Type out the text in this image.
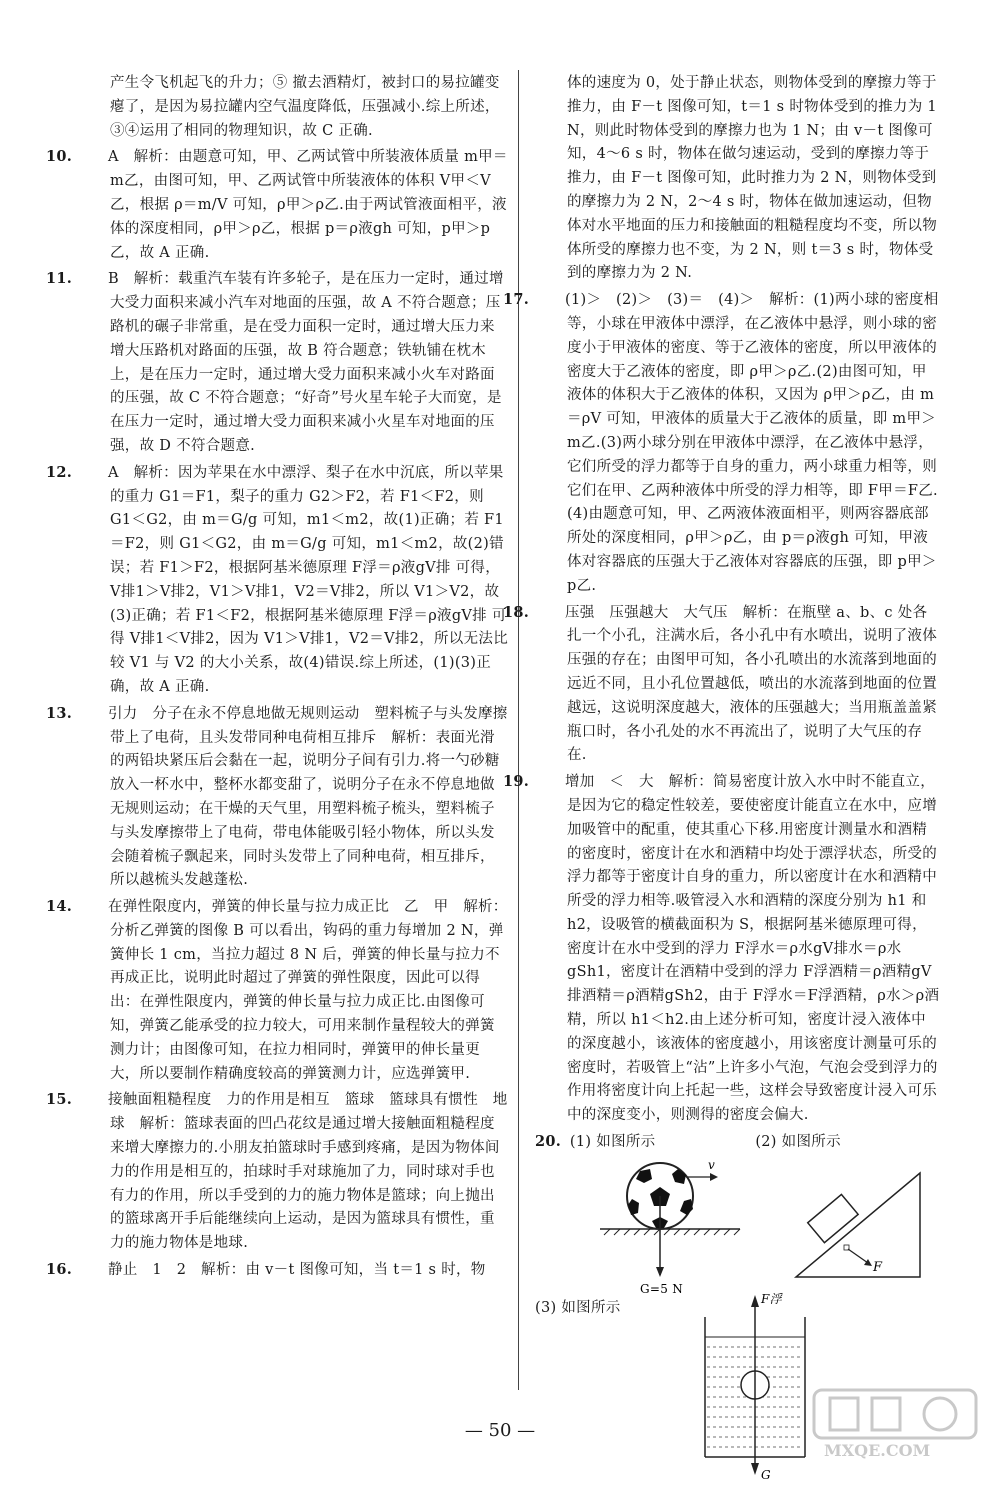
产生令飞机起飞的升力；⑤ 撤去酒精灯，被封口的易拉罐变瘪了，是因为易拉罐内空气温度降低，压强减小.综上所述，③④运用了相同的物理知识，故 C 正确.
10. A　解析：由题意可知，甲、乙两试管中所装液体质量 m甲＝m乙，由图可知，甲、乙两试管中所装液体的体积 V甲＜V乙，根据 ρ＝m/V 可知，ρ甲＞ρ乙.由于两试管液面相平，液体的深度相同，ρ甲＞ρ乙，根据 p＝ρ液gh 可知，p甲＞p乙，故 A 正确.
11. B　解析：载重汽车装有许多轮子，是在压力一定时，通过增大受力面积来减小汽车对地面的压强，故 A 不符合题意；压路机的碾子非常重，是在受力面积一定时，通过增大压力来增大压路机对路面的压强，故 B 符合题意；铁轨铺在枕木上，是在压力一定时，通过增大受力面积来减小火车对路面的压强，故 C 不符合题意；“好奇”号火星车轮子大而宽，是在压力一定时，通过增大受力面积来减小火星车对地面的压强，故 D 不符合题意.
12. A　解析：因为苹果在水中漂浮、梨子在水中沉底，所以苹果的重力 G1＝F1，梨子的重力 G2＞F2，若 F1＜F2，则 G1＜G2，由 m＝G/g 可知，m1＜m2，故(1)正确；若 F1＝F2，则 G1＜G2，由 m＝G/g 可知，m1＜m2，故(2)错误；若 F1＞F2，根据阿基米德原理 F浮＝ρ液gV排 可得，V排1＞V排2，V1＞V排1，V2＝V排2，所以 V1＞V2，故(3)正确；若 F1＜F2，根据阿基米德原理 F浮＝ρ液gV排 可得 V排1＜V排2，因为 V1＞V排1，V2＝V排2，所以无法比较 V1 与 V2 的大小关系，故(4)错误.综上所述，(1)(3)正确，故 A 正确.
13. 引力　分子在永不停息地做无规则运动　塑料梳子与头发摩擦带上了电荷，且头发带同种电荷相互排斥　解析：表面光滑的两铅块紧压后会黏在一起，说明分子间有引力.将一勺砂糖放入一杯水中，整杯水都变甜了，说明分子在永不停息地做无规则运动；在干燥的天气里，用塑料梳子梳头，塑料梳子与头发摩擦带上了电荷，带电体能吸引轻小物体，所以头发会随着梳子飘起来，同时头发带上了同种电荷，相互排斥，所以越梳头发越蓬松.
14. 在弹性限度内，弹簧的伸长量与拉力成正比　乙　甲　解析：分析乙弹簧的图像 B 可以看出，钩码的重力每增加 2 N，弹簧伸长 1 cm，当拉力超过 8 N 后，弹簧的伸长量与拉力不再成正比，说明此时超过了弹簧的弹性限度，因此可以得出：在弹性限度内，弹簧的伸长量与拉力成正比.由图像可知，弹簧乙能承受的拉力较大，可用来制作量程较大的弹簧测力计；由图像可知，在拉力相同时，弹簧甲的伸长量更大，所以要制作精确度较高的弹簧测力计，应选弹簧甲.
15. 接触面粗糙程度　力的作用是相互　篮球　篮球具有惯性　地球　解析：篮球表面的凹凸花纹是通过增大接触面粗糙程度来增大摩擦力的.小朋友拍篮球时手感到疼痛，是因为物体间力的作用是相互的，拍球时手对球施加了力，同时球对手也有力的作用，所以手受到的力的施力物体是篮球；向上抛出的篮球离开手后能继续向上运动，是因为篮球具有惯性，重力的施力物体是地球.
16. 静止　1　2　解析：由 v－t 图像可知，当 t＝1 s 时，物
体的速度为 0，处于静止状态，则物体受到的摩擦力等于推力，由 F－t 图像可知，t＝1 s 时物体受到的推力为 1 N，则此时物体受到的摩擦力也为 1 N；由 v－t 图像可知，4～6 s 时，物体在做匀速运动，受到的摩擦力等于推力，由 F－t 图像可知，此时推力为 2 N，则物体受到的摩擦力为 2 N，2～4 s 时，物体在做加速运动，但物体对水平地面的压力和接触面的粗糙程度均不变，所以物体所受的摩擦力也不变，为 2 N，则 t＝3 s 时，物体受到的摩擦力为 2 N.
17. (1)＞　(2)＞　(3)＝　(4)＞　解析：(1)两小球的密度相等，小球在甲液体中漂浮，在乙液体中悬浮，则小球的密度小于甲液体的密度、等于乙液体的密度，所以甲液体的密度大于乙液体的密度，即 ρ甲＞ρ乙.(2)由图可知，甲液体的体积大于乙液体的体积，又因为 ρ甲＞ρ乙，由 m＝ρV 可知，甲液体的质量大于乙液体的质量，即 m甲＞m乙.(3)两小球分别在甲液体中漂浮，在乙液体中悬浮，它们所受的浮力都等于自身的重力，两小球重力相等，则它们在甲、乙两种液体中所受的浮力相等，即 F甲＝F乙.(4)由题意可知，甲、乙两液体液面相平，则两容器底部所处的深度相同，ρ甲＞ρ乙，由 p＝ρ液gh 可知，甲液体对容器底的压强大于乙液体对容器底的压强，即 p甲＞p乙.
18. 压强　压强越大　大气压　解析：在瓶壁 a、b、c 处各扎一个小孔，注满水后，各小孔中有水喷出，说明了液体压强的存在；由图甲可知，各小孔喷出的水流落到地面的远近不同，且小孔位置越低，喷出的水流落到地面的位置越远，这说明深度越大，液体的压强越大；当用瓶盖盖紧瓶口时，各小孔处的水不再流出了，说明了大气压的存在.
19. 增加　＜　大　解析：简易密度计放入水中时不能直立，是因为它的稳定性较差，要使密度计能直立在水中，应增加吸管中的配重，使其重心下移.用密度计测量水和酒精的密度时，密度计在水和酒精中均处于漂浮状态，所受的浮力都等于密度计自身的重力，所以密度计在水和酒精中所受的浮力相等.吸管浸入水和酒精的深度分别为 h1 和 h2，设吸管的横截面积为 S，根据阿基米德原理可得，密度计在水中受到的浮力 F浮水＝ρ水gV排水＝ρ水gSh1，密度计在酒精中受到的浮力 F浮酒精＝ρ酒精gV排酒精＝ρ酒精gSh2，由于 F浮水＝F浮酒精，ρ水＞ρ酒精，所以 h1＜h2.由上述分析可知，密度计浸入液体中的深度越小，该液体的密度越小，用该密度计测量可乐的密度时，若吸管上“沾”上许多小气泡，气泡会受到浮力的作用将密度计向上托起一些，这样会导致密度计浸入可乐中的深度变小，则测得的密度会偏大.
20. (1) 如图所示	(2) 如图所示
v
G=5 N
F
(3) 如图所示
F浮
G
— 50 —
MXQE.COM
